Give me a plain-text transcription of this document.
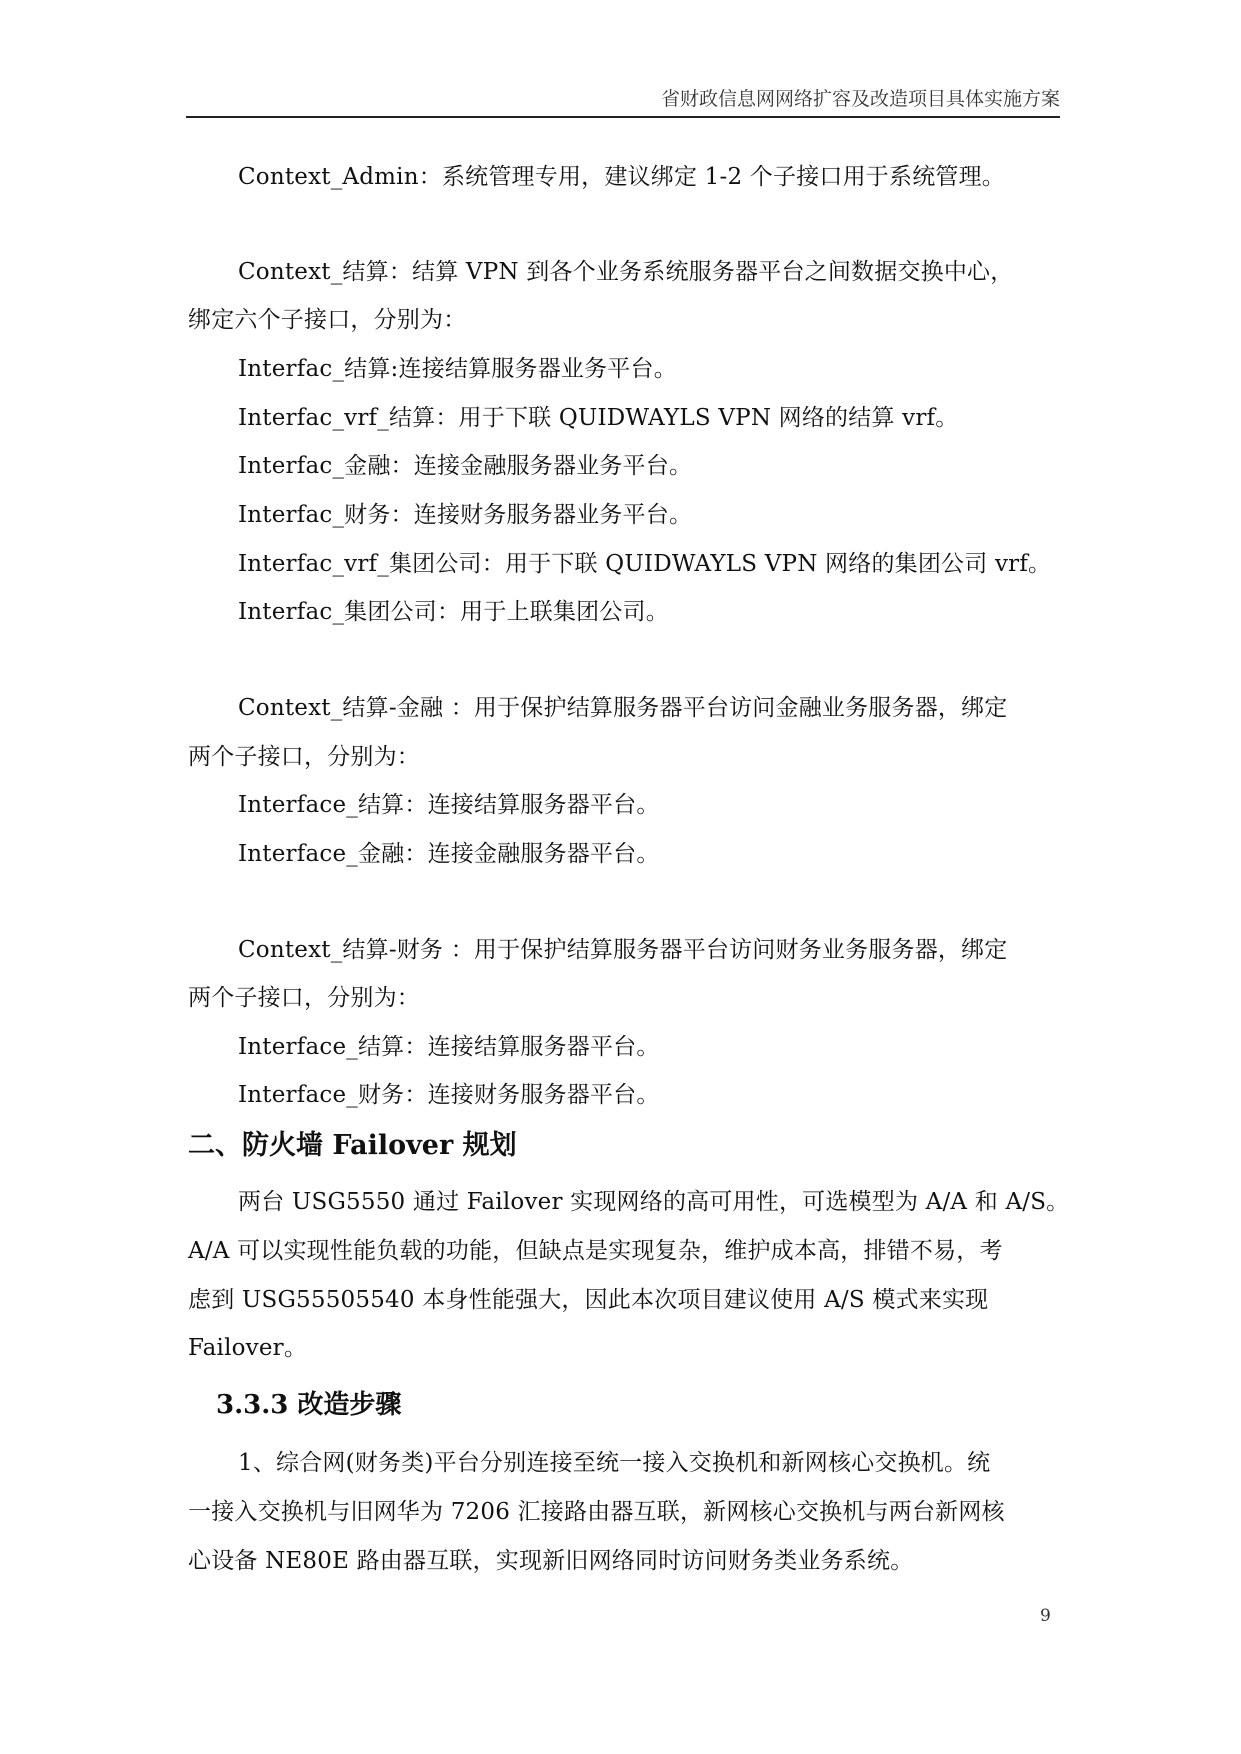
省财政信息网网络扩容及改造项目具体实施方案
Context_Admin：系统管理专用，建议绑定 1-2 个子接口用于系统管理。
Context_结算：结算 VPN 到各个业务系统服务器平台之间数据交换中心，
绑定六个子接口，分别为：
Interfac_结算:连接结算服务器业务平台。
Interfac_vrf_结算：用于下联 QUIDWAYLS VPN 网络的结算 vrf。
Interfac_金融：连接金融服务器业务平台。
Interfac_财务：连接财务服务器业务平台。
Interfac_vrf_集团公司：用于下联 QUIDWAYLS VPN 网络的集团公司 vrf。
Interfac_集团公司：用于上联集团公司。
Context_结算-金融 ：用于保护结算服务器平台访问金融业务服务器，绑定
两个子接口，分别为：
Interface_结算：连接结算服务器平台。
Interface_金融：连接金融服务器平台。
Context_结算-财务 ：用于保护结算服务器平台访问财务业务服务器，绑定
两个子接口，分别为：
Interface_结算：连接结算服务器平台。
Interface_财务：连接财务服务器平台。
二、防火墙 Failover 规划
两台 USG5550 通过 Failover 实现网络的高可用性，可选模型为 A/A 和 A/S。
A/A 可以实现性能负载的功能，但缺点是实现复杂，维护成本高，排错不易，考
虑到 USG55505540 本身性能强大，因此本次项目建议使用 A/S 模式来实现
Failover。
3.3.3 改造步骤
1、综合网(财务类)平台分别连接至统一接入交换机和新网核心交换机。统
一接入交换机与旧网华为 7206 汇接路由器互联，新网核心交换机与两台新网核
心设备 NE80E 路由器互联，实现新旧网络同时访问财务类业务系统。
9
